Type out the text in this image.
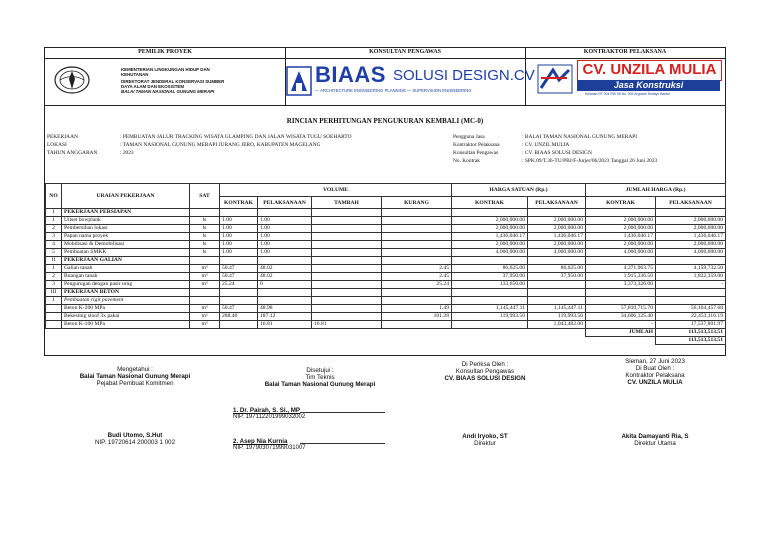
PEMILIK PROYEK	KONSULTAN PENGAWAS	KONTRAKTOR PELAKSANA
KEMENTERIAN LINGKUNGAN HIDUP DAN
KEHUTANAN
DIREKTORAT JENDERAL KONSERVASI SUMBER
DAYA ALAM DAN EKOSISTEM
BALAI TAMAN NASIONAL GUNUNG MERAPI
BIAAS SOLUSI DESIGN.CV
— ARCHITECTURE ENGINEERING PLANNING — SUPERVISION ENGINEERING
CV. UNZILA MULIA
Jasa Konstruksi
Kelahan RT 004 RW 06 No. 009 Argosari Sedayu Bantul
RINCIAN PERHITUNGAN PENGUKURAN KEMBALI (MC-0)
PEKERJAAN	: PEMBUATAN JALUR TRACKING WISATA GLAMPING DAN JALAN WISATA TUGU SOEHARTO
LOKASI	: TAMAN NASIONAL GUNUNG MERAPI JURANG JERO, KABUPATEN MAGELANG
TAHUN ANGGARAN	: 2023
Pengguna Jasa	: BALAI TAMAN NASIONAL GUNUNG MERAPI
Kontraktor Pelaksana	: CV. UNZIL MULIA
Konsultan Pengawas	: CV. BIAAS SOLUSI DESIGN
No. Kontrak	: SPK.09/T.36-TU/PBJ/F-Jurjer/06/2023 Tanggal 26 Juni 2023
NO	URAIAN PEKERJAAN	SAT	VOLUME				HARGA SATUAN (Rp.)		JUMLAH HARGA (Rp.)	
			KONTRAK	PELAKSANAAN	TAMBAH	KURANG	KONTRAK	PELAKSANAAN	KONTRAK	PELAKSANAAN
I	PEKERJAAN PERSIAPAN									
1	Uitset bowplank	ls	1.00	1.00			2,000,000.00	2,000,000.00	2,000,000.00	2,000,000.00
2	Pembersihan lokasi	ls	1.00	1.00			2,000,000.00	2,000,000.00	2,000,000.00	2,000,000.00
3	Papan nama proyek	ls	1.00	1.00			1,436,046.17	1,436,046.17	1,436,046.17	1,436,046.17
4	Mobilisasi & Demobilisasi	ls	1.00	1.00			2,000,000.00	2,000,000.00	2,000,000.00	2,000,000.00
5	Pembuatan SMKK	ls	1.00	1.00			4,000,000.00	4,000,000.00	4,000,000.00	4,000,000.00
II	PEKERJAAN GALIAN									
1	Galian tanah	m³	50.47	48.02		2.45	86,625.00	86,625.00	4,371,963.75	4,159,732.50
2	Buangan tanah	m³	50.47	48.02		2.45	37,950.00	37,950.00	1,915,336.50	1,822,359.00
3	Pengurugan dengan pasir urug	m³	25.24	0		25.24	133,650.00		3,373,326.00	-
III	PEKERJAAN BETON									
1	Pembuatan rigit pavement									
	Beton K-200 MPa	m³	50.47	48.98		1.49	1,145,447.11	1,145,447.11	57,810,715.70	56,104,457.68
	Bekesting sloof 3x pakai	m²	288.40	187.12		101.28	119,993.50	119,993.50	34,606,125.40	22,453,116.19
	Beton K-100 MPa	m³		16.81	16.81			1,043,482.00	-	17,537,801.97
									JUMLAH	113,513,513.51
										113,513,513.51
Mengetahui :
Balai Taman Nasional Gunung Merapi
Pejabat Pembuat Komitmen
Budi Utomo, S.Hut
NIP. 19720614 200003 1 002
Disetujui :
Tim Teknis
Balai Taman Nasional Gunung Merapi
1. Dr. Pairah, S. Si., MP
NIP. 197112201999032002
2. Asep Nia Kurnia
NIP. 197903071999031007
Di Periksa Oleh :
Konsultan Pengawas
CV. BIAAS SOLUSI DESIGN
Andi Iryoko, ST
Direktur
Sleman, 27 Juni 2023
Di Buat Oleh :
Kontraktor Pelaksana
CV. UNZILA MULIA
Akita Damayanti Ria, S
Direktur Utama
